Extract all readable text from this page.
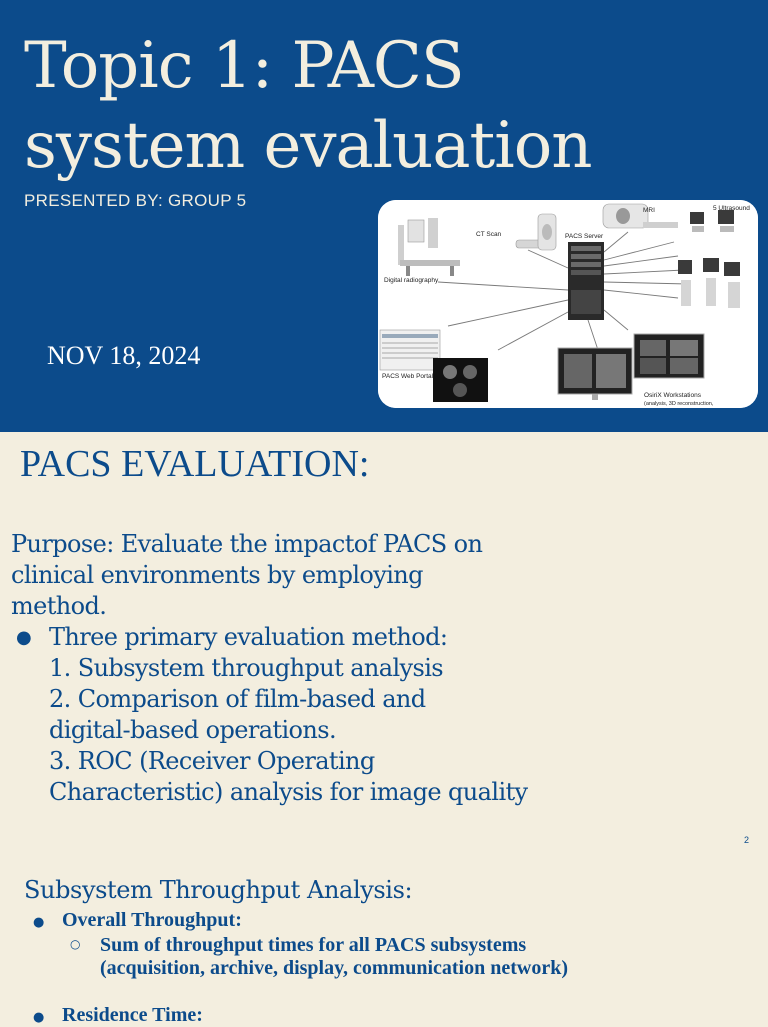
Topic 1: PACS
system evaluation
PRESENTED BY: GROUP 5
NOV 18, 2024
MRI	5 Ultrasound
CT Scan	PACS Server
Digital radiography
PACS Web Portal
OsiriX Workstations
(analysis, 3D reconstruction,
PACS EVALUATION:

Purpose: Evaluate the impactof PACS on
clinical environments by employing
method.

● Three primary evaluation method:
1. Subsystem throughput analysis
2. Comparison of film-based and
digital-based operations.
3. ROC (Receiver Operating
Characteristic) analysis for image quality
2
Subsystem Throughput Analysis:
● Overall Throughput:
○ Sum of throughput times for all PACS subsystems (acquisition, archive, display, communication network)
● Residence Time:
